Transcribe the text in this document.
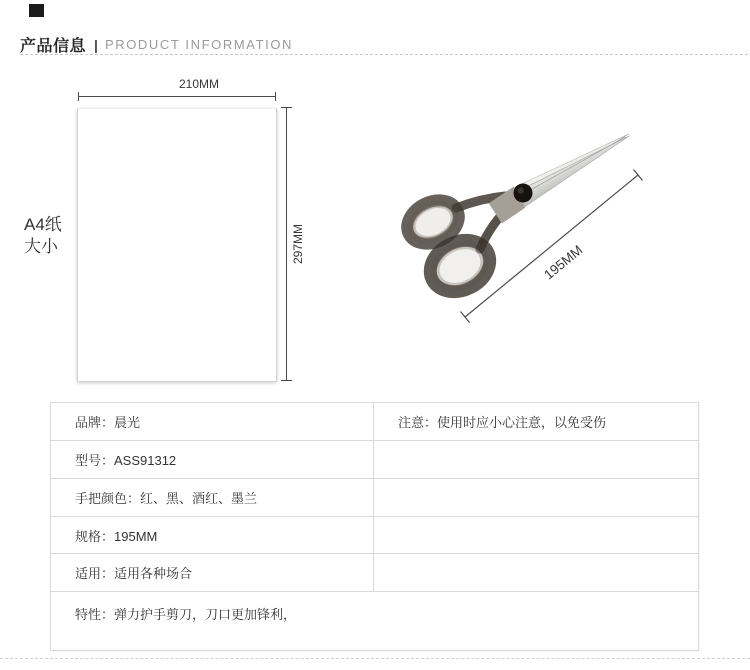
产品信息 | PRODUCT INFORMATION
A4纸
大小
210MM
297MM	195MM
品牌：晨光	注意：使用时应小心注意，以免受伤
型号：ASS91312
手把颜色：红、黑、酒红、墨兰
规格：195MM
适用：适用各种场合
特性：弹力护手剪刀，刀口更加锋利，
